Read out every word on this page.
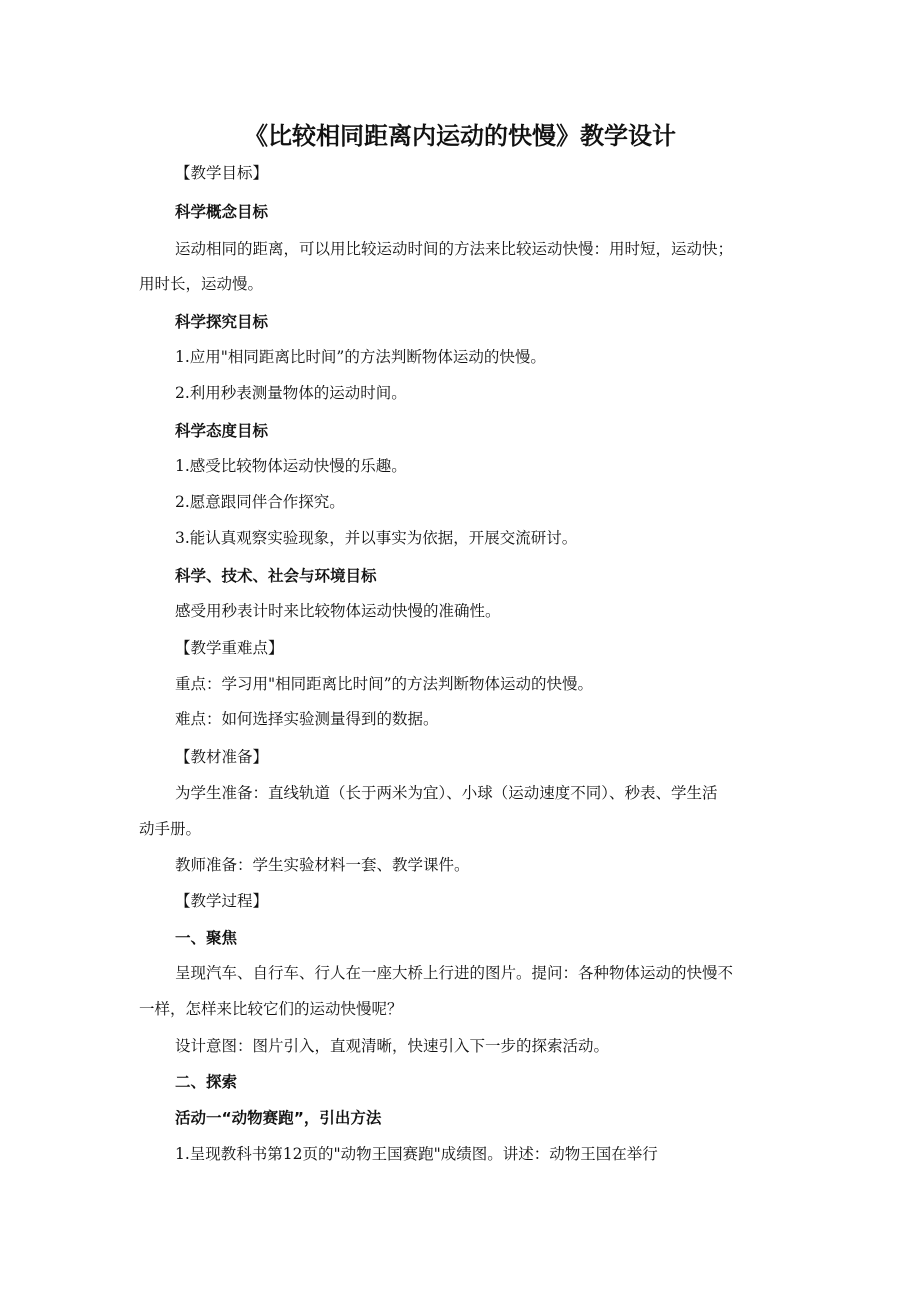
《比较相同距离内运动的快慢》教学设计
【教学目标】
科学概念目标
运动相同的距离，可以用比较运动时间的方法来比较运动快慢：用时短，运动快；
用时长，运动慢。
科学探究目标
1.应用"相同距离比时间”的方法判断物体运动的快慢。
2.利用秒表测量物体的运动时间。
科学态度目标
1.感受比较物体运动快慢的乐趣。
2.愿意跟同伴合作探究。
3.能认真观察实验现象，并以事实为依据，开展交流研讨。
科学、技术、社会与环境目标
感受用秒表计时来比较物体运动快慢的准确性。
【教学重难点】
重点：学习用"相同距离比时间”的方法判断物体运动的快慢。
难点：如何选择实验测量得到的数据。
【教材准备】
为学生准备：直线轨道（长于两米为宜）、小球（运动速度不同）、秒表、学生活
动手册。
教师准备：学生实验材料一套、教学课件。
【教学过程】
一、聚焦
呈现汽车、自行车、行人在一座大桥上行进的图片。提问：各种物体运动的快慢不
一样，怎样来比较它们的运动快慢呢？
设计意图：图片引入，直观清晰，快速引入下一步的探索活动。
二、探索
活动一“动物赛跑”，引出方法
1.呈现教科书第12页的"动物王国赛跑"成绩图。讲述：动物王国在举行
